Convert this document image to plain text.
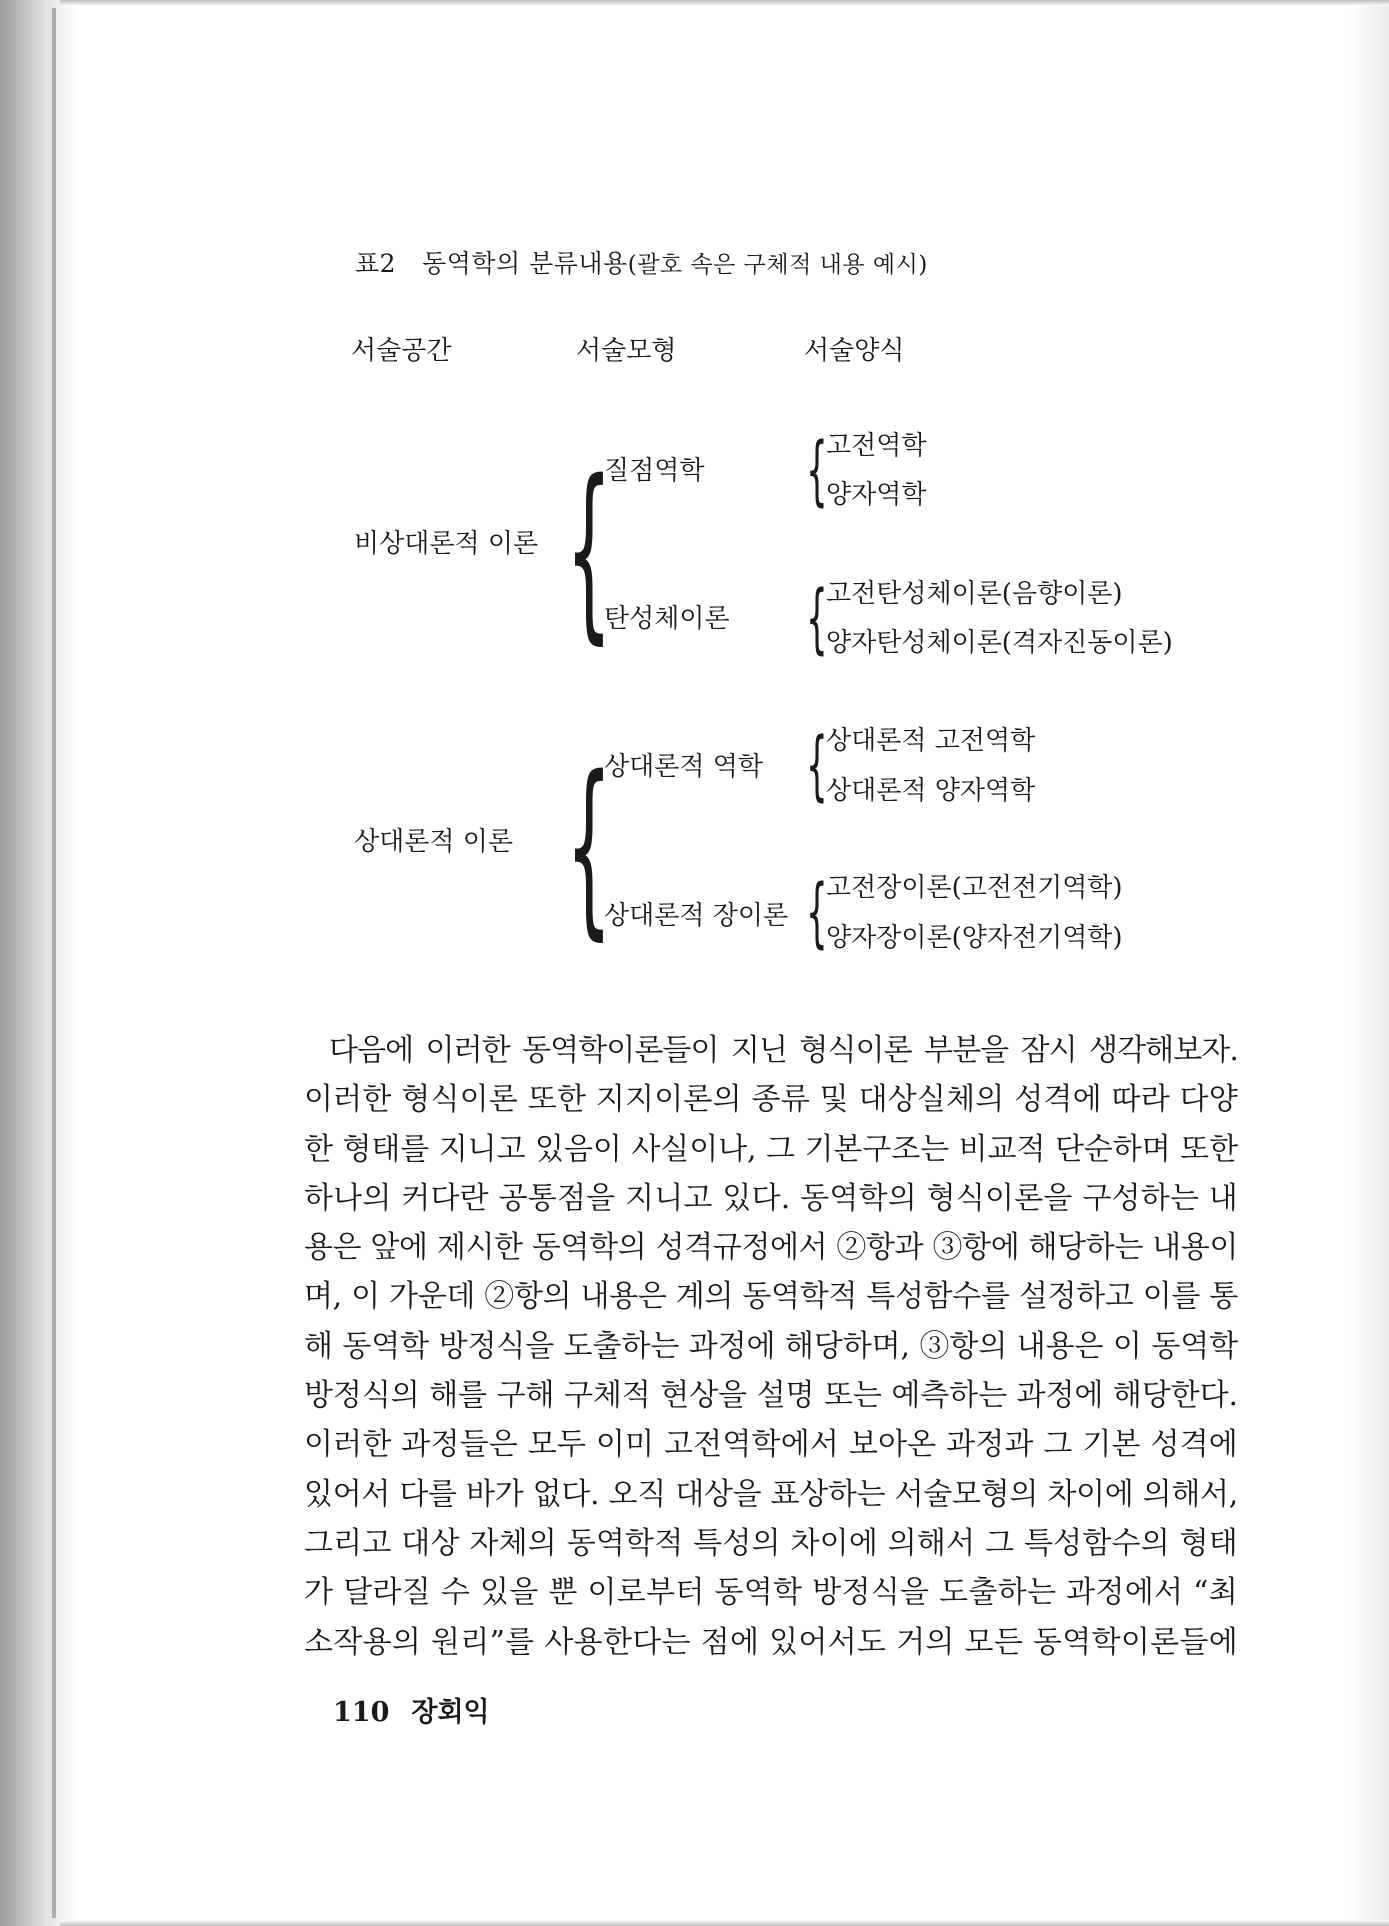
표2 동역학의 분류내용(괄호 속은 구체적 내용 예시)
서술공간	서술모형	서술양식
비상대론적 이론 {
질점역학
탄성체이론
{
고전역학
양자역학
{
고전탄성체이론(음향이론)
양자탄성체이론(격자진동이론)
상대론적 이론 {
상대론적 역학
상대론적 장이론
{
상대론적 고전역학
상대론적 양자역학
{
고전장이론(고전전기역학)
양자장이론(양자전기역학)
다음에 이러한 동역학이론들이 지닌 형식이론 부분을 잠시 생각해보자.
이러한 형식이론 또한 지지이론의 종류 및 대상실체의 성격에 따라 다양
한 형태를 지니고 있음이 사실이나, 그 기본구조는 비교적 단순하며 또한
하나의 커다란 공통점을 지니고 있다. 동역학의 형식이론을 구성하는 내
용은 앞에 제시한 동역학의 성격규정에서 ②항과 ③항에 해당하는 내용이
며, 이 가운데 ②항의 내용은 계의 동역학적 특성함수를 설정하고 이를 통
해 동역학 방정식을 도출하는 과정에 해당하며, ③항의 내용은 이 동역학
방정식의 해를 구해 구체적 현상을 설명 또는 예측하는 과정에 해당한다.
이러한 과정들은 모두 이미 고전역학에서 보아온 과정과 그 기본 성격에
있어서 다를 바가 없다. 오직 대상을 표상하는 서술모형의 차이에 의해서,
그리고 대상 자체의 동역학적 특성의 차이에 의해서 그 특성함수의 형태
가 달라질 수 있을 뿐 이로부터 동역학 방정식을 도출하는 과정에서 “최
소작용의 원리”를 사용한다는 점에 있어서도 거의 모든 동역학이론들에
110 장회익
